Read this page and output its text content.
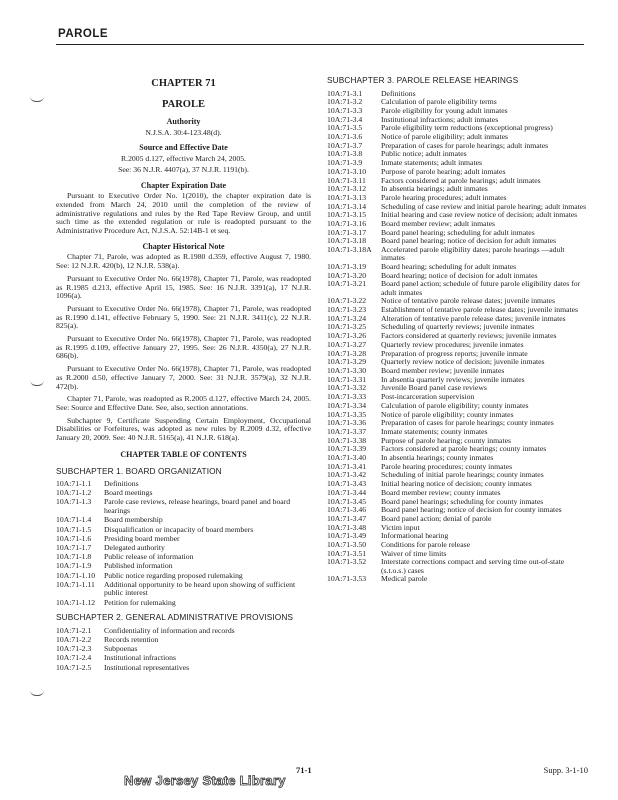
PAROLE
CHAPTER 71
PAROLE
Authority
N.J.S.A. 30:4-123.48(d).
Source and Effective Date
R.2005 d.127, effective March 24, 2005.
See: 36 N.J.R. 4407(a), 37 N.J.R. 1191(b).
Chapter Expiration Date

Pursuant to Executive Order No. 1(2010), the chapter expiration date is extended from March 24, 2010 until the completion of the review of administrative regulations and rules by the Red Tape Review Group, and until such time as the extended regulation or rule is readopted pursuant to the Administrative Procedure Act, N.J.S.A. 52:14B-1 et seq.

Chapter Historical Note

Chapter 71, Parole, was adopted as R.1980 d.359, effective August 7, 1980. See: 12 N.J.R. 420(b), 12 N.J.R. 538(a).

Pursuant to Executive Order No. 66(1978), Chapter 71, Parole, was readopted as R.1985 d.213, effective April 15, 1985. See: 16 N.J.R. 3391(a), 17 N.J.R. 1096(a).

Pursuant to Executive Order No. 66(1978), Chapter 71, Parole, was readopted as R.1990 d.141, effective February 5, 1990. See: 21 N.J.R. 3411(c), 22 N.J.R. 825(a).

Pursuant to Executive Order No. 66(1978), Chapter 71, Parole, was readopted as R.1995 d.109, effective January 27, 1995. See: 26 N.J.R. 4350(a), 27 N.J.R. 686(b).

Pursuant to Executive Order No. 66(1978), Chapter 71, Parole, was readopted as R.2000 d.50, effective January 7, 2000. See: 31 N.J.R. 3579(a), 32 N.J.R. 472(b).

Chapter 71, Parole, was readopted as R.2005 d.127, effective March 24, 2005. See: Source and Effective Date. See, also, section annotations.

Subchapter 9, Certificate Suspending Certain Employment, Occupational Disabilities or Forfeitures, was adopted as new rules by R.2009 d.32, effective January 20, 2009. See: 40 N.J.R. 5165(a), 41 N.J.R. 618(a).

CHAPTER TABLE OF CONTENTS
SUBCHAPTER 1. BOARD ORGANIZATION
10A:71-1.1	Definitions
10A:71-1.2	Board meetings
10A:71-1.3	Parole case reviews, release hearings, board panel and board hearings
10A:71-1.4	Board membership
10A:71-1.5	Disqualification or incapacity of board members
10A:71-1.6	Presiding board member
10A:71-1.7	Delegated authority
10A:71-1.8	Public release of information
10A:71-1.9	Published information
10A:71-1.10	Public notice regarding proposed rulemaking
10A:71-1.11	Additional opportunity to be heard upon showing of sufficient public interest
10A:71-1.12	Petition for rulemaking
SUBCHAPTER 2. GENERAL ADMINISTRATIVE PROVISIONS
10A:71-2.1	Confidentiality of information and records
10A:71-2.2	Records retention
10A:71-2.3	Subpoenas
10A:71-2.4	Institutional infractions
10A:71-2.5	Institutional representatives
SUBCHAPTER 3. PAROLE RELEASE HEARINGS
10A:71-3.1	Definitions
10A:71-3.2	Calculation of parole eligibility terms
10A:71-3.3	Parole eligibility for young adult inmates
10A:71-3.4	Institutional infractions; adult inmates
10A:71-3.5	Parole eligibility term reductions (exceptional progress)
10A:71-3.6	Notice of parole eligibility; adult inmates
10A:71-3.7	Preparation of cases for parole hearings; adult inmates
10A:71-3.8	Public notice; adult inmates
10A:71-3.9	Inmate statements; adult inmates
10A:71-3.10	Purpose of parole hearing; adult inmates
10A:71-3.11	Factors considered at parole hearings; adult inmates
10A:71-3.12	In absentia hearings; adult inmates
10A:71-3.13	Parole hearing procedures; adult inmates
10A:71-3.14	Scheduling of case review and initial parole hearing; adult inmates
10A:71-3.15	Initial hearing and case review notice of decision; adult inmates
10A:71-3.16	Board member review; adult inmates
10A:71-3.17	Board panel hearing; scheduling for adult inmates
10A:71-3.18	Board panel hearing; notice of decision for adult inmates
10A:71-3.18A	Accelerated parole eligibility dates; parole hearings —adult inmates
10A:71-3.19	Board hearing; scheduling for adult inmates
10A:71-3.20	Board hearing; notice of decision for adult inmates
10A:71-3.21	Board panel action; schedule of future parole eligibility dates for adult inmates
10A:71-3.22	Notice of tentative parole release dates; juvenile inmates
10A:71-3.23	Establishment of tentative parole release dates; juvenile inmates
10A:71-3.24	Alteration of tentative parole release dates; juvenile inmates
10A:71-3.25	Scheduling of quarterly reviews; juvenile inmates
10A:71-3.26	Factors considered at quarterly reviews; juvenile inmates
10A:71-3.27	Quarterly review procedures; juvenile inmates
10A:71-3.28	Preparation of progress reports; juvenile inmate
10A:71-3.29	Quarterly review notice of decision; juvenile inmates
10A:71-3.30	Board member review; juvenile inmates
10A:71-3.31	In absentia quarterly reviews; juvenile inmates
10A:71-3.32	Juvenile Board panel case reviews
10A:71-3.33	Post-incarceration supervision
10A:71-3.34	Calculation of parole eligibility; county inmates
10A:71-3.35	Notice of parole eligibility; county inmates
10A:71-3.36	Preparation of cases for parole hearings; county inmates
10A:71-3.37	Inmate statements; county inmates
10A:71-3.38	Purpose of parole hearing; county inmates
10A:71-3.39	Factors considered at parole hearings; county inmates
10A:71-3.40	In absentia hearings; county inmates
10A:71-3.41	Parole hearing procedures; county inmates
10A:71-3.42	Scheduling of initial parole hearings; county inmates
10A:71-3.43	Initial hearing notice of decision; county inmates
10A:71-3.44	Board member review; county inmates
10A:71-3.45	Board panel hearings; scheduling for county inmates
10A:71-3.46	Board panel hearing; notice of decision for county inmates
10A:71-3.47	Board panel action; denial of parole
10A:71-3.48	Victim input
10A:71-3.49	Informational hearing
10A:71-3.50	Conditions for parole release
10A:71-3.51	Waiver of time limits
10A:71-3.52	Interstate corrections compact and serving time out-of-state (s.t.o.s.) cases
10A:71-3.53	Medical parole
71-1	Supp. 3-1-10
New Jersey State Library
